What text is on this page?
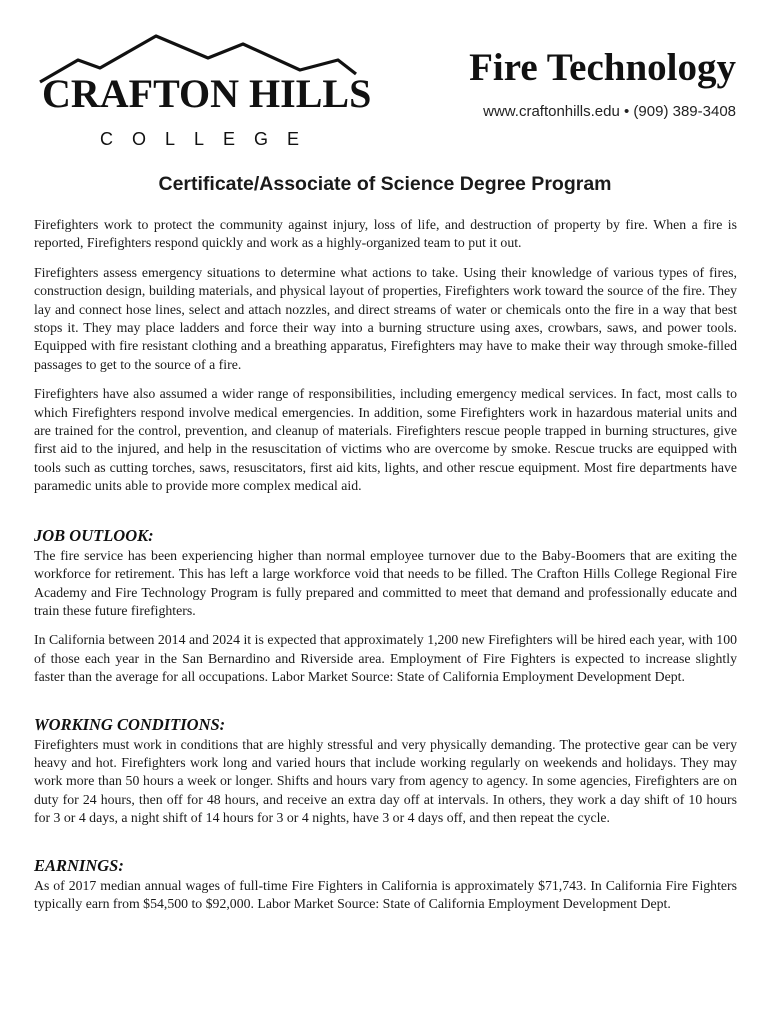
CRAFTON HILLS
COLLEGE
Fire Technology
www.craftonhills.edu • (909) 389-3408
Certificate/Associate of Science Degree Program

Firefighters work to protect the community against injury, loss of life, and destruction of property by fire. When a fire is reported, Firefighters respond quickly and work as a highly-organized team to put it out.

Firefighters assess emergency situations to determine what actions to take. Using their knowledge of various types of fires, construction design, building materials, and physical layout of properties, Firefighters work toward the source of the fire. They lay and connect hose lines, select and attach nozzles, and direct streams of water or chemicals onto the fire in a way that best stops it. They may place ladders and force their way into a burning structure using axes, crowbars, saws, and power tools. Equipped with fire resistant clothing and a breathing apparatus, Firefighters may have to make their way through smoke-filled passages to get to the source of a fire.

Firefighters have also assumed a wider range of responsibilities, including emergency medical services. In fact, most calls to which Firefighters respond involve medical emergencies. In addition, some Firefighters work in hazardous material units and are trained for the control, prevention, and cleanup of materials. Firefighters rescue people trapped in burning structures, give first aid to the injured, and help in the resuscitation of victims who are overcome by smoke. Rescue trucks are equipped with tools such as cutting torches, saws, resuscitators, first aid kits, lights, and other rescue equipment. Most fire departments have paramedic units able to provide more complex medical aid.

JOB OUTLOOK:

The fire service has been experiencing higher than normal employee turnover due to the Baby-Boomers that are exiting the workforce for retirement. This has left a large workforce void that needs to be filled. The Crafton Hills College Regional Fire Academy and Fire Technology Program is fully prepared and committed to meet that demand and professionally educate and train these future firefighters.

In California between 2014 and 2024 it is expected that approximately 1,200 new Firefighters will be hired each year, with 100 of those each year in the San Bernardino and Riverside area. Employment of Fire Fighters is expected to increase slightly faster than the average for all occupations. Labor Market Source: State of California Employment Development Dept.

WORKING CONDITIONS:

Firefighters must work in conditions that are highly stressful and very physically demanding. The protective gear can be very heavy and hot. Firefighters work long and varied hours that include working regularly on weekends and holidays. They may work more than 50 hours a week or longer. Shifts and hours vary from agency to agency. In some agencies, Firefighters are on duty for 24 hours, then off for 48 hours, and receive an extra day off at intervals. In others, they work a day shift of 10 hours for 3 or 4 days, a night shift of 14 hours for 3 or 4 nights, have 3 or 4 days off, and then repeat the cycle.

EARNINGS:

As of 2017 median annual wages of full-time Fire Fighters in California is approximately $71,743. In California Fire Fighters typically earn from $54,500 to $92,000. Labor Market Source: State of California Employment Development Dept.
